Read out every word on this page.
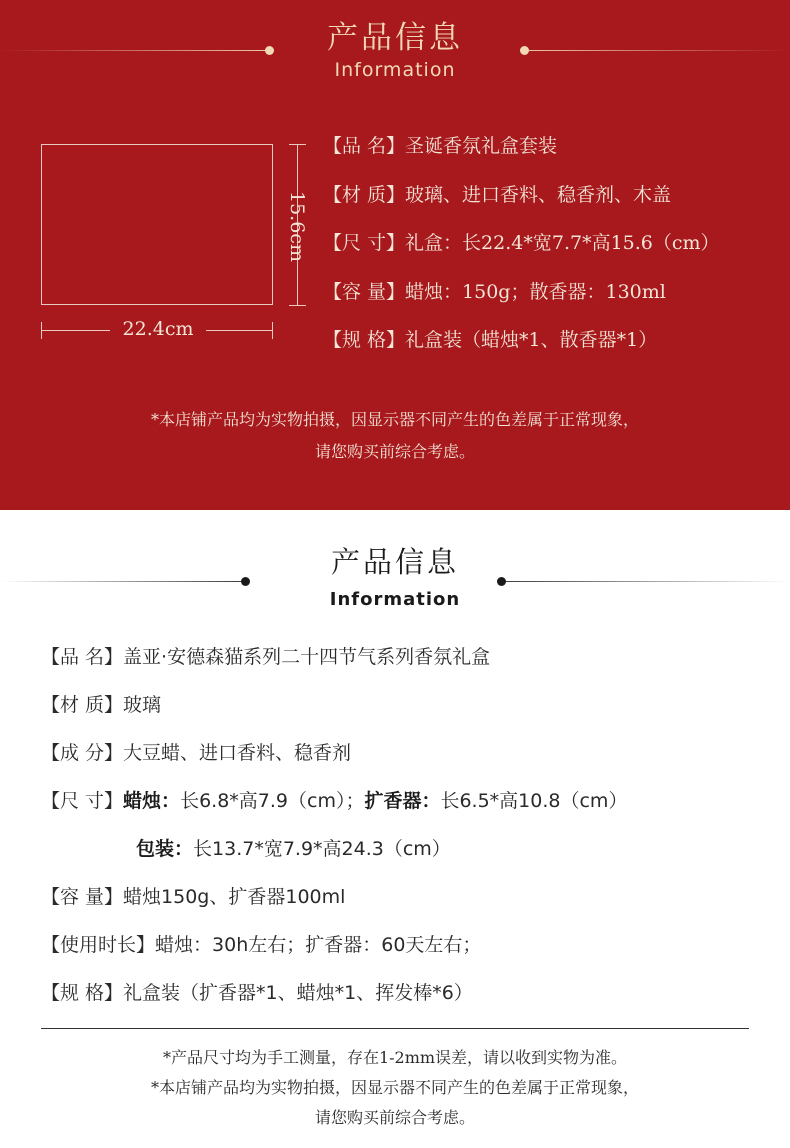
产品信息
Information
15.6cm
22.4cm
【品 名】圣诞香氛礼盒套装
【材 质】玻璃、进口香料、稳香剂、木盖
【尺 寸】礼盒：长22.4*宽7.7*高15.6（cm）
【容 量】蜡烛：150g；散香器：130ml
【规 格】礼盒装（蜡烛*1、散香器*1）
*本店铺产品均为实物拍摄，因显示器不同产生的色差属于正常现象，
请您购买前综合考虑。
产品信息
Information
【品 名】盖亚·安德森猫系列二十四节气系列香氛礼盒
【材 质】玻璃
【成 分】大豆蜡、进口香料、稳香剂
【尺 寸】蜡烛：长6.8*高7.9（cm）；扩香器：长6.5*高10.8（cm）
包装：长13.7*宽7.9*高24.3（cm）
【容 量】蜡烛150g、扩香器100ml
【使用时长】蜡烛：30h左右；扩香器：60天左右；
【规 格】礼盒装（扩香器*1、蜡烛*1、挥发棒*6）
*产品尺寸均为手工测量，存在1-2mm误差，请以收到实物为准。
*本店铺产品均为实物拍摄，因显示器不同产生的色差属于正常现象，
请您购买前综合考虑。
